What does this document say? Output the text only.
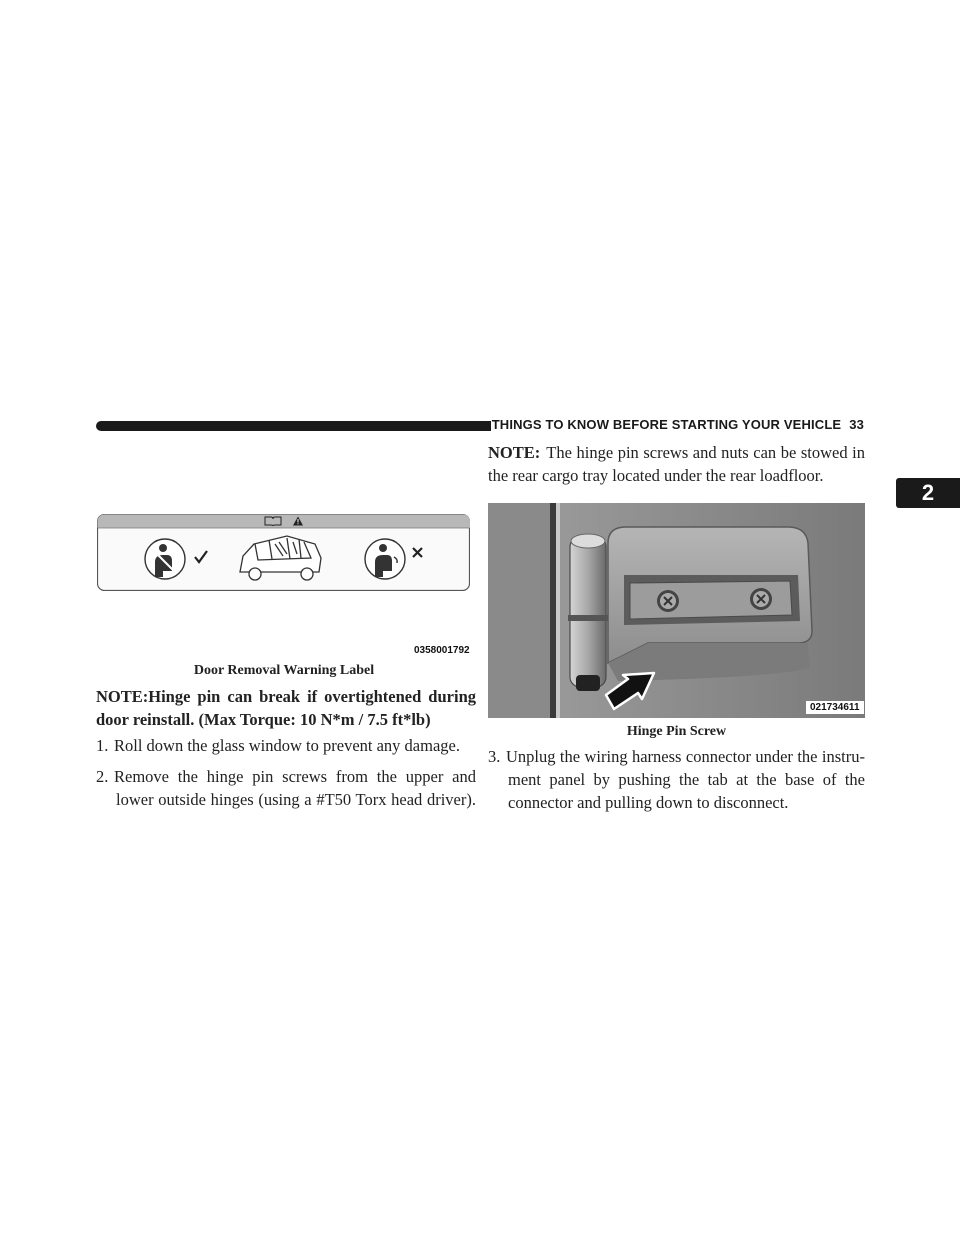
THINGS TO KNOW BEFORE STARTING YOUR VEHICLE 33
2
0358001792
Door Removal Warning Label
NOTE:Hinge pin can break if overtightened during
door reinstall. (Max Torque: 10 N*m / 7.5 ft*lb)
1. Roll down the glass window to prevent any damage.
2. Remove the hinge pin screws from the upper and
lower outside hinges (using a #T50 Torx head driver).
NOTE: The hinge pin screws and nuts can be stowed in
the rear cargo tray located under the rear loadfloor.
021734611
Hinge Pin Screw
3. Unplug the wiring harness connector under the instru-
ment panel by pushing the tab at the base of the
connector and pulling down to disconnect.
